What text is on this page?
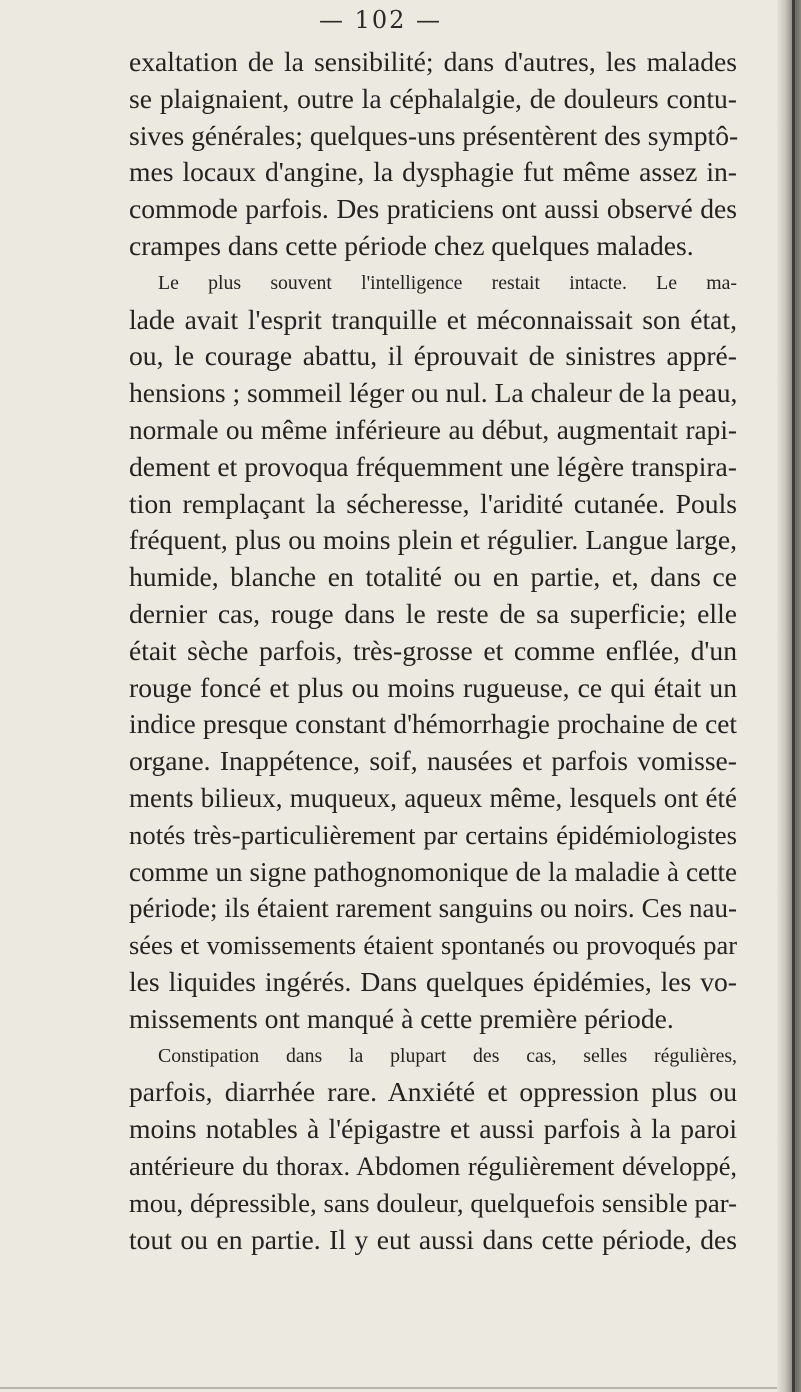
— 102 —
exaltation de la sensibilité; dans d'autres, les malades
se plaignaient, outre la céphalalgie, de douleurs contu-
sives générales; quelques-uns présentèrent des symptô-
mes locaux d'angine, la dysphagie fut même assez in-
commode parfois. Des praticiens ont aussi observé des
crampes dans cette période chez quelques malades.
Le plus souvent l'intelligence restait intacte. Le ma-
lade avait l'esprit tranquille et méconnaissait son état,
ou, le courage abattu, il éprouvait de sinistres appré-
hensions ; sommeil léger ou nul. La chaleur de la peau,
normale ou même inférieure au début, augmentait rapi-
dement et provoqua fréquemment une légère transpira-
tion remplaçant la sécheresse, l'aridité cutanée. Pouls
fréquent, plus ou moins plein et régulier. Langue large,
humide, blanche en totalité ou en partie, et, dans ce
dernier cas, rouge dans le reste de sa superficie; elle
était sèche parfois, très-grosse et comme enflée, d'un
rouge foncé et plus ou moins rugueuse, ce qui était un
indice presque constant d'hémorrhagie prochaine de cet
organe. Inappétence, soif, nausées et parfois vomisse-
ments bilieux, muqueux, aqueux même, lesquels ont été
notés très-particulièrement par certains épidémiologistes
comme un signe pathognomonique de la maladie à cette
période; ils étaient rarement sanguins ou noirs. Ces nau-
sées et vomissements étaient spontanés ou provoqués par
les liquides ingérés. Dans quelques épidémies, les vo-
missements ont manqué à cette première période.
Constipation dans la plupart des cas, selles régulières,
parfois, diarrhée rare. Anxiété et oppression plus ou
moins notables à l'épigastre et aussi parfois à la paroi
antérieure du thorax. Abdomen régulièrement développé,
mou, dépressible, sans douleur, quelquefois sensible par-
tout ou en partie. Il y eut aussi dans cette période, des
